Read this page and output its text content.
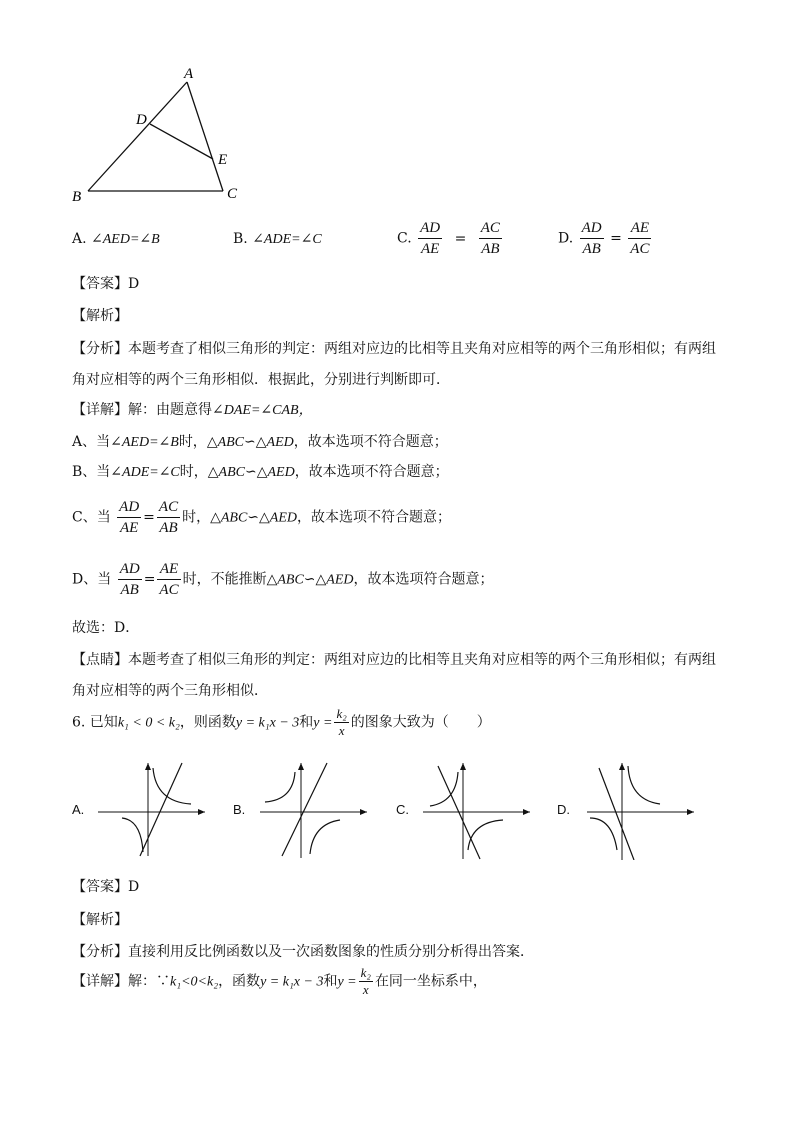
A
D
E
B	C
A. ∠AED=∠B	B. ∠ADE=∠C	C. $\frac{AD}{AE} = \frac{AC}{AB}$	D. $\frac{AD}{AB} = \frac{AE}{AC}$
【答案】D
【解析】
【分析】本题考查了相似三角形的判定：两组对应边的比相等且夹角对应相等的两个三角形相似；有两组
角对应相等的两个三角形相似．根据此，分别进行判断即可．
【详解】解：由题意得∠DAE=∠CAB，
A、当∠AED=∠B时，△ABC∽△AED，故本选项不符合题意；
B、当∠ADE=∠C时，△ABC∽△AED，故本选项不符合题意；
C、当 $\frac{AD}{AE} = \frac{AC}{AB}$ 时，△ABC∽△AED，故本选项不符合题意；
D、当 $\frac{AD}{AB} = \frac{AE}{AC}$ 时，不能推断△ABC∽△AED，故本选项符合题意；
故选：D．
【点睛】本题考查了相似三角形的判定：两组对应边的比相等且夹角对应相等的两个三角形相似；有两组
角对应相等的两个三角形相似．
6. 已知k₁ < 0 < k₂，则函数y = k₁x − 3和$y = \frac{\text{k₂}}{x}$ 的图象大致为（　　）
A.	B.	C.	D.
【答案】D
【解析】
【分析】直接利用反比例函数以及一次函数图象的性质分别分析得出答案．
【详解】解：∵k₁<0<k₂，函数y = k₁x − 3和$y = \frac{\text{k₂}}{x}$ 在同一坐标系中，
